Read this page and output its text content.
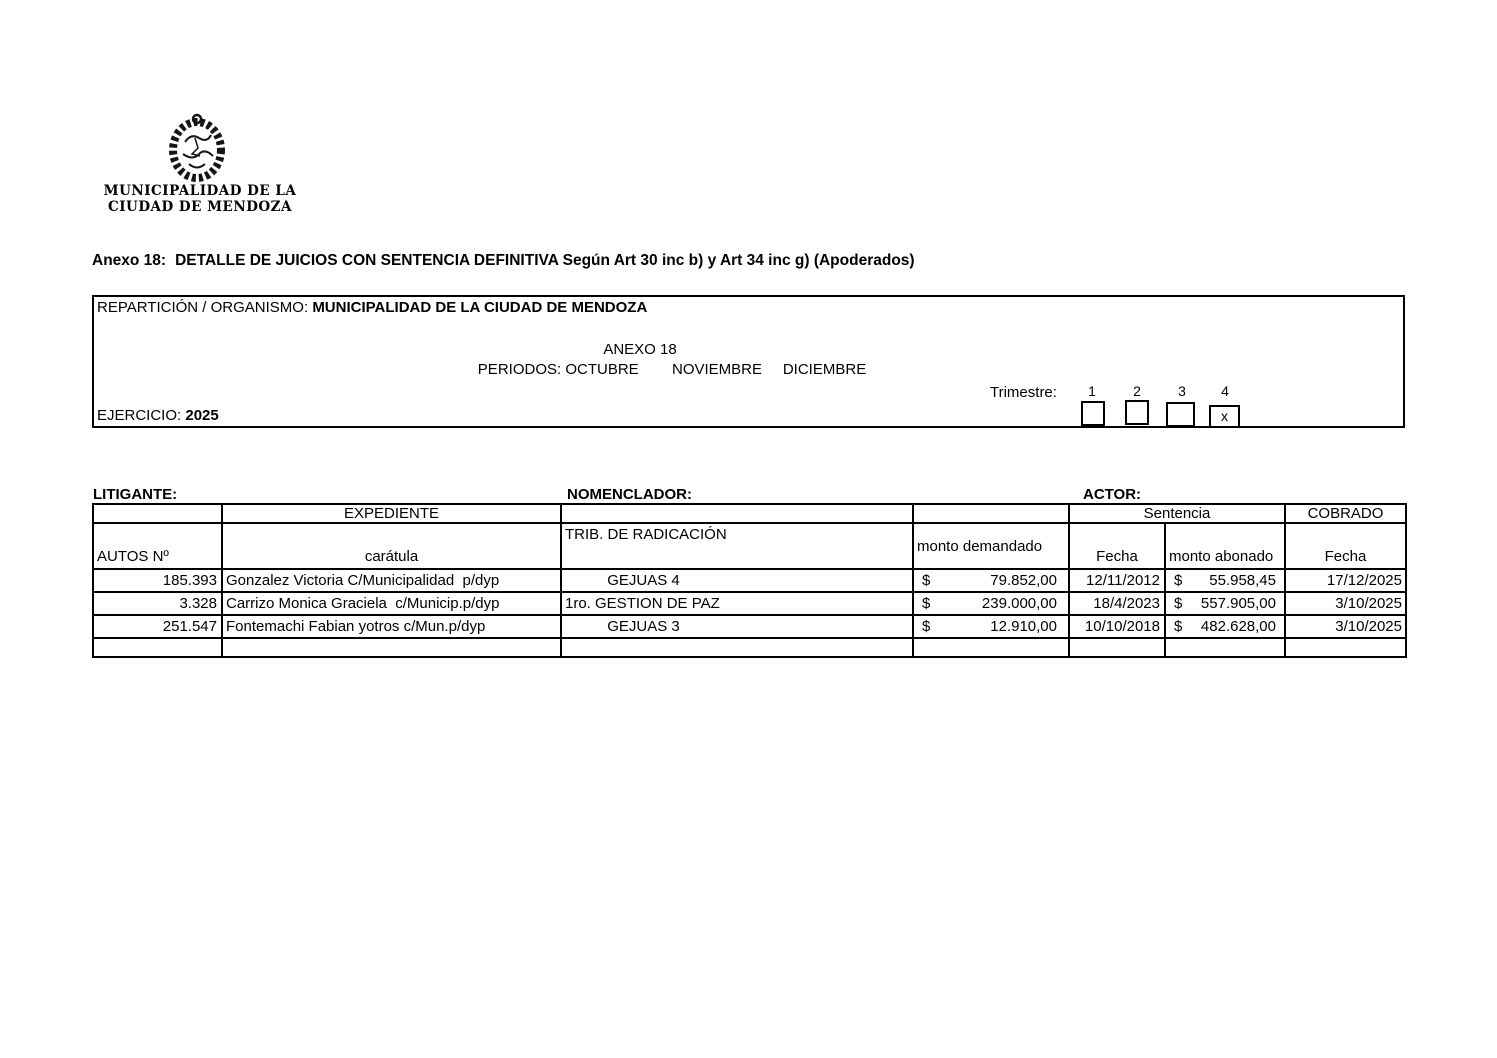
MUNICIPALIDAD DE LA
CIUDAD DE MENDOZA
Anexo 18: DETALLE DE JUICIOS CON SENTENCIA DEFINITIVA Según Art 30 inc b) y Art 34 inc g) (Apoderados)
REPARTICIÓN / ORGANISMO: MUNICIPALIDAD DE LA CIUDAD DE MENDOZA
ANEXO 18
PERIODOS: OCTUBRE        NOVIEMBRE     DICIEMBRE
Trimestre:	1	2	3	4
x
EJERCICIO: 2025
LITIGANTE:	NOMENCLADOR:	ACTOR:
	EXPEDIENTE			Sentencia		COBRADO
AUTOS Nº	carátula	TRIB. DE RADICACIÓN	monto demandado	Fecha	monto abonado	Fecha
185.393	Gonzalez Victoria C/Municipalidad  p/dyp	GEJUAS 4	$ 79.852,00	12/11/2012	$ 55.958,45	17/12/2025
3.328	Carrizo Monica Graciela  c/Municip.p/dyp	1ro. GESTION DE PAZ	$ 239.000,00	18/4/2023	$ 557.905,00	3/10/2025
251.547	Fontemachi Fabian yotros c/Mun.p/dyp	GEJUAS 3	$ 12.910,00	10/10/2018	$ 482.628,00	3/10/2025
